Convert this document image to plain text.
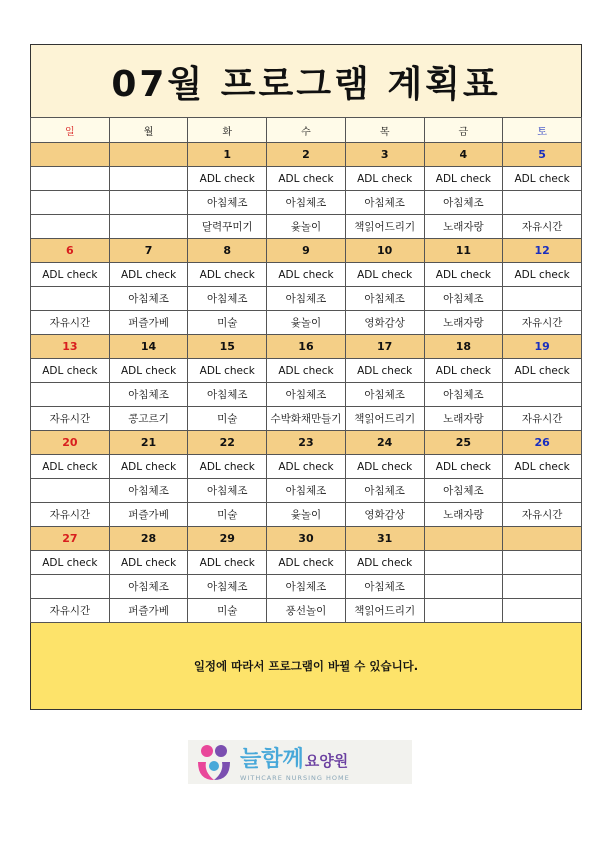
07월 프로그램 계획표
일	월	화	수	목	금	토
		1	2	3	4	5
		ADL check	ADL check	ADL check	ADL check	ADL check
		아침체조	아침체조	아침체조	아침체조	
		달력꾸미기	윷놀이	책읽어드리기	노래자랑	자유시간
6	7	8	9	10	11	12
ADL check	ADL check	ADL check	ADL check	ADL check	ADL check	ADL check
	아침체조	아침체조	아침체조	아침체조	아침체조	
자유시간	퍼즐가베	미술	윷놀이	영화감상	노래자랑	자유시간
13	14	15	16	17	18	19
ADL check	ADL check	ADL check	ADL check	ADL check	ADL check	ADL check
	아침체조	아침체조	아침체조	아침체조	아침체조	
자유시간	콩고르기	미술	수박화채만들기	책읽어드리기	노래자랑	자유시간
20	21	22	23	24	25	26
ADL check	ADL check	ADL check	ADL check	ADL check	ADL check	ADL check
	아침체조	아침체조	아침체조	아침체조	아침체조	
자유시간	퍼즐가베	미술	윷놀이	영화감상	노래자랑	자유시간
27	28	29	30	31		
ADL check	ADL check	ADL check	ADL check	ADL check		
	아침체조	아침체조	아침체조	아침체조		
자유시간	퍼즐가베	미술	풍선놀이	책읽어드리기		
일정에 따라서 프로그램이 바뀔 수 있습니다.
늘함께 요양원
WITHCARE NURSING HOME
